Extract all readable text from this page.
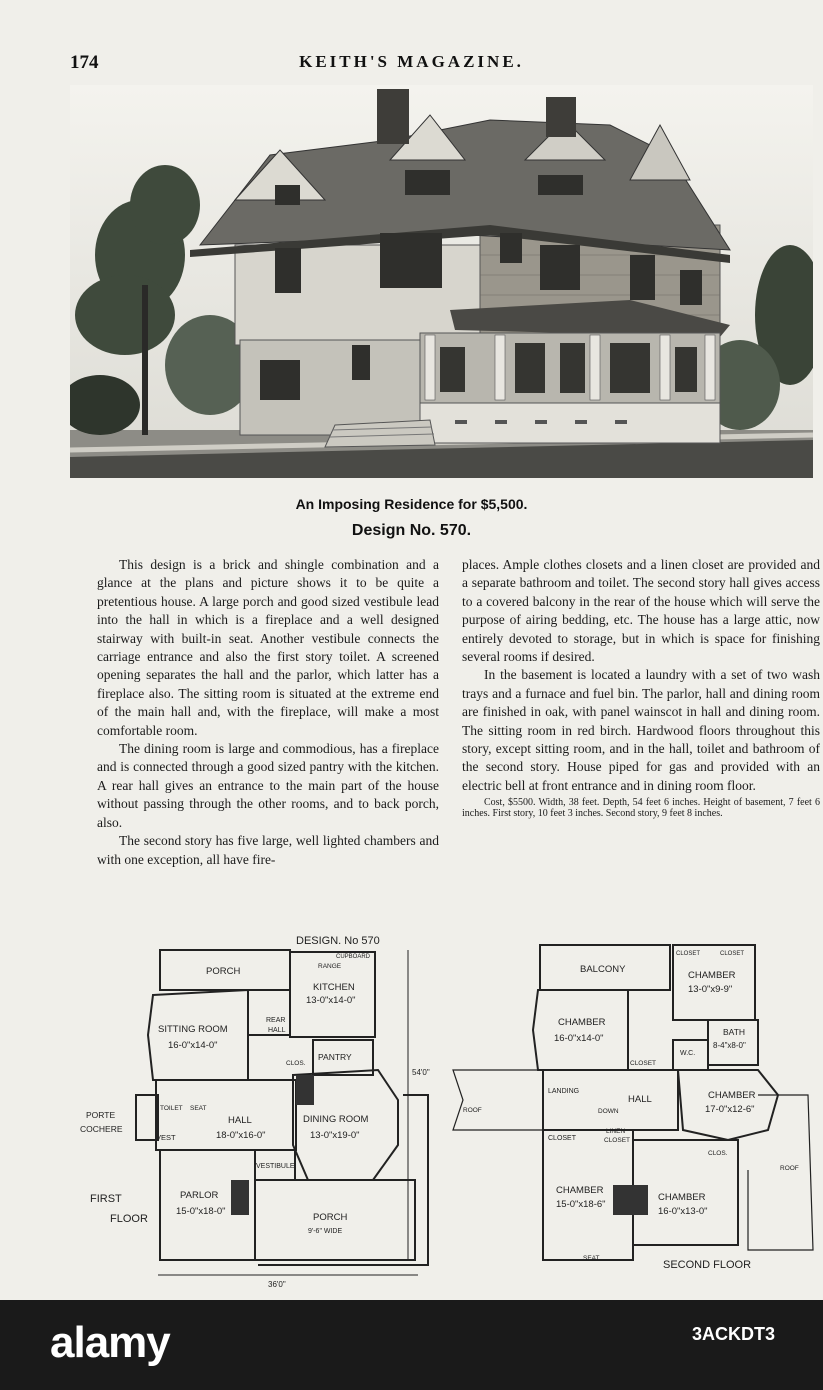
174	KEITH'S MAGAZINE.
An Imposing Residence for $5,500.
Design No. 570.

This design is a brick and shingle combination and a glance at the plans and picture shows it to be quite a pretentious house. A large porch and good sized vestibule lead into the hall in which is a fireplace and a well designed stairway with built-in seat. Another vestibule connects the carriage entrance and also the first story toilet. A screened opening separates the hall and the parlor, which latter has a fireplace also. The sitting room is situated at the extreme end of the main hall and, with the fireplace, will make a most comfortable room.

The dining room is large and commodious, has a fireplace and is connected through a good sized pantry with the kitchen. A rear hall gives an entrance to the main part of the house without passing through the other rooms, and to back porch, also.

The second story has five large, well lighted chambers and with one exception, all have fire-

places. Ample clothes closets and a linen closet are provided and a separate bathroom and toilet. The second story hall gives access to a covered balcony in the rear of the house which will serve the purpose of airing bedding, etc. The house has a large attic, now entirely devoted to storage, but in which is space for finishing several rooms if desired.

In the basement is located a laundry with a set of two wash trays and a furnace and fuel bin. The parlor, hall and dining room are finished in oak, with panel wainscot in hall and dining room. The sitting room in red birch. Hardwood floors throughout this story, except sitting room, and in the hall, toilet and bathroom of the second story. House piped for gas and provided with an electric bell at front entrance and in dining room floor.

Cost, $5500. Width, 38 feet. Depth, 54 feet 6 inches. Height of basement, 7 feet 6 inches. First story, 10 feet 3 inches. Second story, 9 feet 8 inches.

DESIGN. No 570
PORCH	RANGE
CUPBOARD
KITCHEN
13-0"x14-0"
SITTING ROOM
16-0"x14-0"
REAR
HALL
PANTRY
CLOS.
PORTE
COCHERE
TOILET SEAT
VEST
HALL
18-0"x16-0"
DINING ROOM
13-0"x19-0"
VESTIBULE
PARLOR
15-0"x18-0"
PORCH
9'-6" WIDE
FIRST
FLOOR
36'0"
54'0"
BALCONY
CLOSET	CLOSET
CHAMBER
13-0"x9-9"
CHAMBER
16-0"x14-0"
BATH
8-4"x8-0"
W.C.
CLOSET
LANDING
DOWN
HALL	CHAMBER
17-0"x12-6"
ROOF
ROOF
CLOSET
LINEN
CLOSET
CLOS.
CHAMBER
15-0"x18-6"
CHAMBER
16-0"x13-0"
SEAT
SECOND FLOOR
alamy	3ACKDT3
